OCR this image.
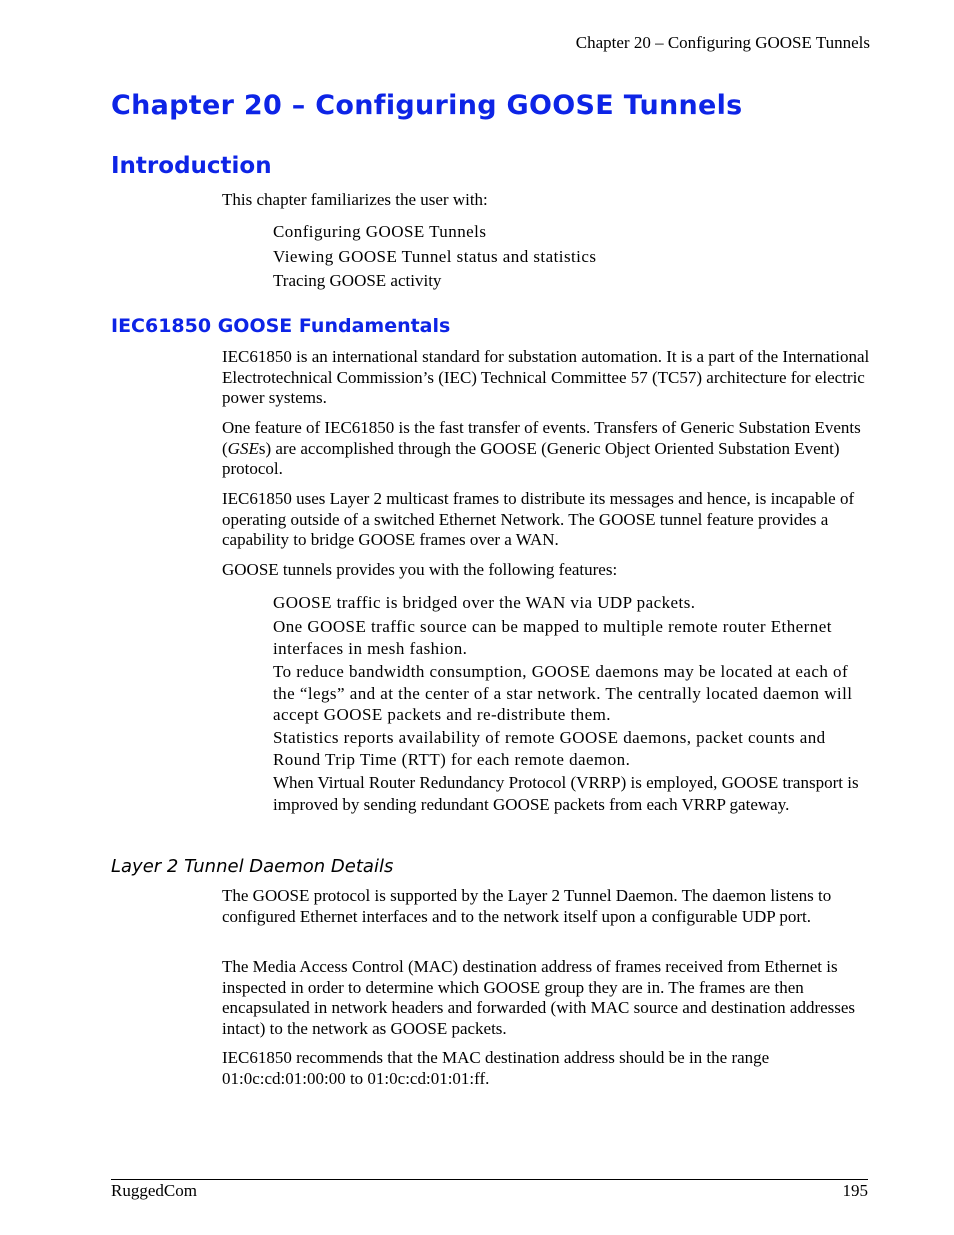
Chapter 20 – Configuring GOOSE Tunnels
Chapter 20 – Configuring GOOSE Tunnels
Introduction
This chapter familiarizes the user with:
Configuring GOOSE Tunnels
Viewing GOOSE Tunnel status and statistics
Tracing GOOSE activity
IEC61850 GOOSE Fundamentals
IEC61850 is an international standard for substation automation. It is a part of the International Electrotechnical Commission’s (IEC) Technical Committee 57 (TC57) architecture for electric power systems.
One feature of IEC61850 is the fast transfer of events. Transfers of Generic Substation Events (GSEs) are accomplished through the GOOSE (Generic Object Oriented Substation Event) protocol.
IEC61850 uses Layer 2 multicast frames to distribute its messages and hence, is incapable of operating outside of a switched Ethernet Network. The GOOSE tunnel feature provides a capability to bridge GOOSE frames over a WAN.
GOOSE tunnels provides you with the following features:
GOOSE traffic is bridged over the WAN via UDP packets.
One GOOSE traffic source can be mapped to multiple remote router Ethernet interfaces in mesh fashion.
To reduce bandwidth consumption, GOOSE daemons may be located at each of the “legs” and at the center of a star network. The centrally located daemon will accept GOOSE packets and re-distribute them.
Statistics reports availability of remote GOOSE daemons, packet counts and Round Trip Time (RTT) for each remote daemon.
When Virtual Router Redundancy Protocol (VRRP) is employed, GOOSE transport is improved by sending redundant GOOSE packets from each VRRP gateway.
Layer 2 Tunnel Daemon Details
The GOOSE protocol is supported by the Layer 2 Tunnel Daemon. The daemon listens to configured Ethernet interfaces and to the network itself upon a configurable UDP port.
The Media Access Control (MAC) destination address of frames received from Ethernet is inspected in order to determine which GOOSE group they are in. The frames are then encapsulated in network headers and forwarded (with MAC source and destination addresses intact) to the network as GOOSE packets.
IEC61850 recommends that the MAC destination address should be in the range 01:0c:cd:01:00:00 to 01:0c:cd:01:01:ff.
RuggedCom	195
